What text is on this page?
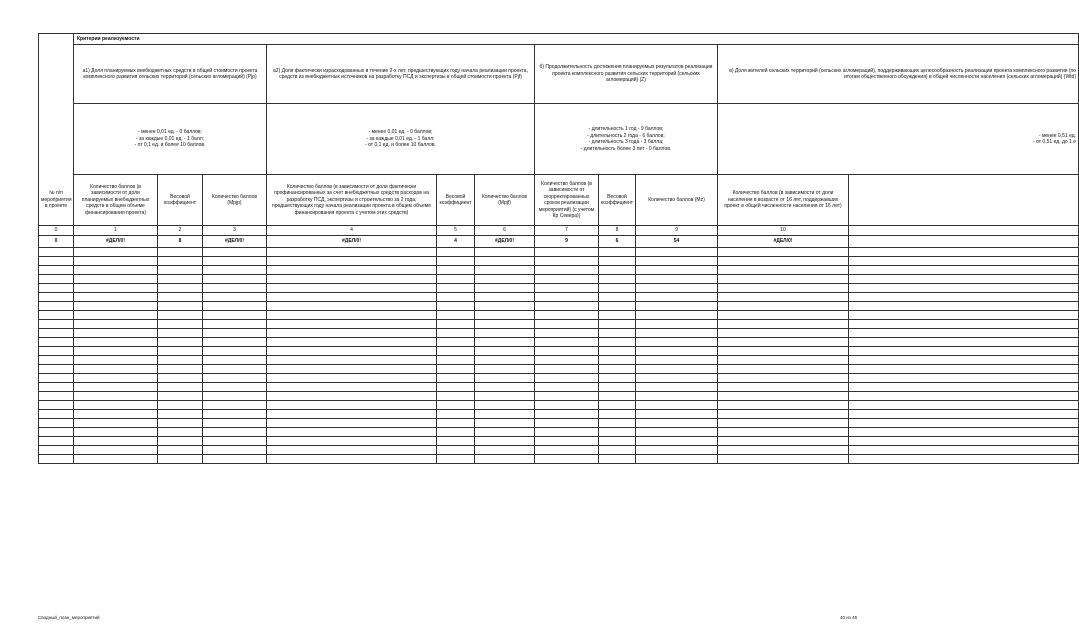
	Критерии реализуемости										
	а1) Доля планируемых внебюджетных средств в общей стоимости проекта комплексного развития сельских территорий (сельских агломераций) (Pjp)			а2) Доля фактически израсходованных в течение 2-х лет, предшествующих году начала реализации проекта, средств из внебюджетных источников на разработку ПСД и экспертизы в общей стоимости проекта (Pjf)			б) Продолжительность достижения планируемых результатов реализации проекта комплексного развития сельских территорий (сельских агломераций) (Z)			в) Доля жителей сельских территорий (сельских агломераций), поддерживающих целесообразность реализации проекта комплексного развития (по итогам общественного обсуждения) в общей численности населения (сельских агломераций) (Wtd)	
	- менее 0,01 ед. - 0 баллов;
- за каждые 0,01 ед. - 1 балл;
- от 0,1 ед. и более 10 баллов.			- менее 0,01 ед. - 0 баллов;
- за каждые 0,01 ед. - 1 балл;
- от 0,1 ед. и более 10 баллов.			- длительность 1 год - 9 баллов;
- длительность 2 года - 6 баллов;
- длительность 3 года - 3 балла;
- длительность более 3 лет - 0 баллов.			- менее 0,51 ед.
- от 0,51 ед. до 1 е	
№ п/п мероприятия в проекте	Количество баллов (в зависимости от доли планируемых внебюджетных средств в общем объеме финансирования проекта)	Весовой коэффициент	Количество баллов (Mpjp)	Количество баллов (в зависимости от доли фактически профинансированных за счет внебюджетных средств расходов на разработку ПСД, экспертизы и строительство за 2 года, предшествующих году начала реализации проекта в общем объеме финансирования проекта с учетом этих средств)	Весовой коэффициент	Количество баллов (Mpjf)	Количество баллов (в зависимости от скорректированных сроков реализации мероприятий) (с учетом Кр Севера))	Весовой коэффициент	Количество баллов (Mz)	Количество баллов (в зависимости от доли населения в возрасте от 16 лет, поддержавших проект в общей численности населения от 16 лет)	
0	1	2	3	4	5	6	7	8	9	10	
0	#ДЕЛ/0!	8	#ДЕЛ/0!	#ДЕЛ/0!	4	#ДЕЛ/0!	9	6	54	#ДЕЛ/0!	

Сводный_план_мероприятий	40 из 45
